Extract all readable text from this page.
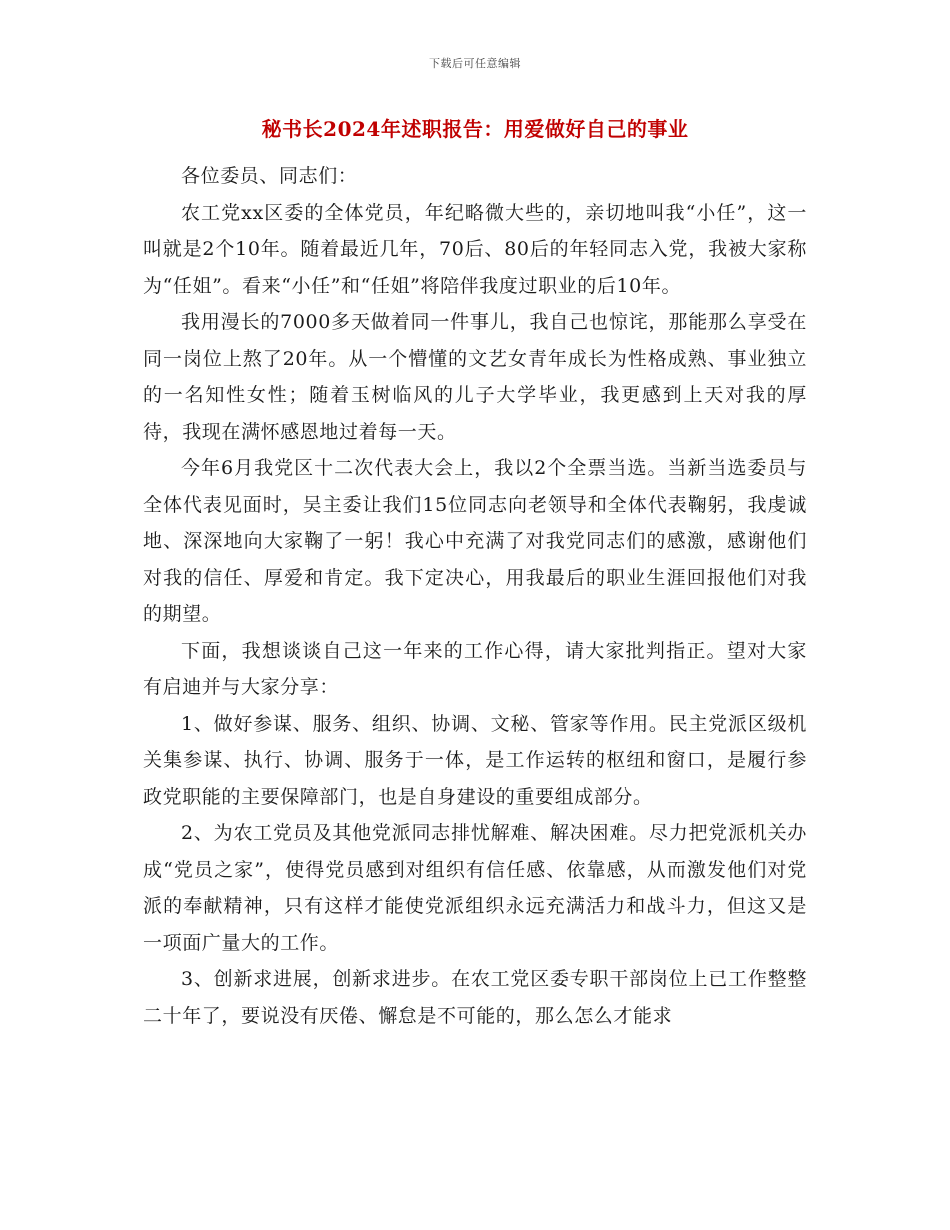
下载后可任意编辑
秘书长2024年述职报告：用爱做好自己的事业

各位委员、同志们：

农工党xx区委的全体党员，年纪略微大些的，亲切地叫我“小任”，这一叫就是2个10年。随着最近几年，70后、80后的年轻同志入党，我被大家称为“任姐”。看来“小任”和“任姐”将陪伴我度过职业的后10年。

我用漫长的7000多天做着同一件事儿，我自己也惊诧，那能那么享受在同一岗位上熬了20年。从一个懵懂的文艺女青年成长为性格成熟、事业独立的一名知性女性；随着玉树临风的儿子大学毕业，我更感到上天对我的厚待，我现在满怀感恩地过着每一天。

今年6月我党区十二次代表大会上，我以2个全票当选。当新当选委员与全体代表见面时，吴主委让我们15位同志向老领导和全体代表鞠躬，我虔诚地、深深地向大家鞠了一躬！我心中充满了对我党同志们的感激，感谢他们对我的信任、厚爱和肯定。我下定决心，用我最后的职业生涯回报他们对我的期望。

下面，我想谈谈自己这一年来的工作心得，请大家批判指正。望对大家有启迪并与大家分享：

1、做好参谋、服务、组织、协调、文秘、管家等作用。民主党派区级机关集参谋、执行、协调、服务于一体，是工作运转的枢纽和窗口，是履行参政党职能的主要保障部门，也是自身建设的重要组成部分。

2、为农工党员及其他党派同志排忧解难、解决困难。尽力把党派机关办成“党员之家”，使得党员感到对组织有信任感、依靠感，从而激发他们对党派的奉献精神，只有这样才能使党派组织永远充满活力和战斗力，但这又是一项面广量大的工作。

3、创新求进展，创新求进步。在农工党区委专职干部岗位上已工作整整二十年了，要说没有厌倦、懈怠是不可能的，那么怎么才能求
